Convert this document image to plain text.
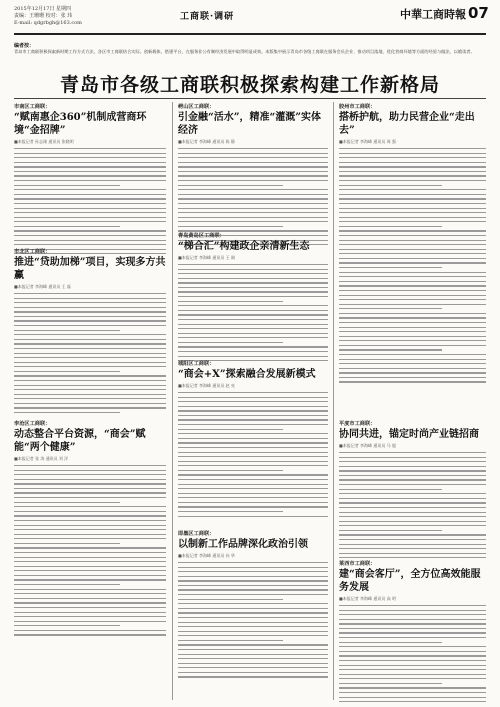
2015年12月17日 星期四
责编：王珊珊 校对：张 玮
E-mail: qdgrbgh@163.com
工商联·调研	中華工商時報 07
编者按：
青岛市工商联积极探索新时期工作方式方法，各区市工商联结合实际，创新载体，搭建平台，在服务非公有制经济发展中取得明显成效。本版集中展示青岛市各级工商联在服务会员企业、推动项目落地、优化营商环境等方面的经验与做法，以飨读者。
青岛市各级工商联积极探索构建工作新格局
市南区工商联：
“赋南惠企360”机制成营商环境“金招牌”
■本报记者 孙志刚 通讯员 张晓明
市北区工商联：
推进“贷助加梯”项目，实现多方共赢
■本报记者 李海峰 通讯员 王 磊
李沧区工商联：
动态整合平台资源，“商会”赋能“两个健康”
■本报记者 张 涛 通讯员 刘 洋
崂山区工商联：
引金融“活水”，精准“灌溉”实体经济
■本报记者 李海峰 通讯员 陈 静
青岛黄岛区工商联：
“梯合汇”构建政企亲清新生态
■本报记者 李海峰 通讯员 王 刚
城阳区工商联：
“商会+X”探索融合发展新模式
■本报记者 李海峰 通讯员 赵 亮
即墨区工商联：
以制新工作品牌深化政治引领
■本报记者 李海峰 通讯员 孙 华
胶州市工商联：
搭桥护航，助力民营企业“走出去”
■本报记者 李海峰 通讯员 周 强
平度市工商联：
协同共进，锚定时尚产业链招商
■本报记者 李海峰 通讯员 马 超
莱西市工商联：
建“商会客厅”，全方位高效能服务发展
■本报记者 李海峰 通讯员 高 明
